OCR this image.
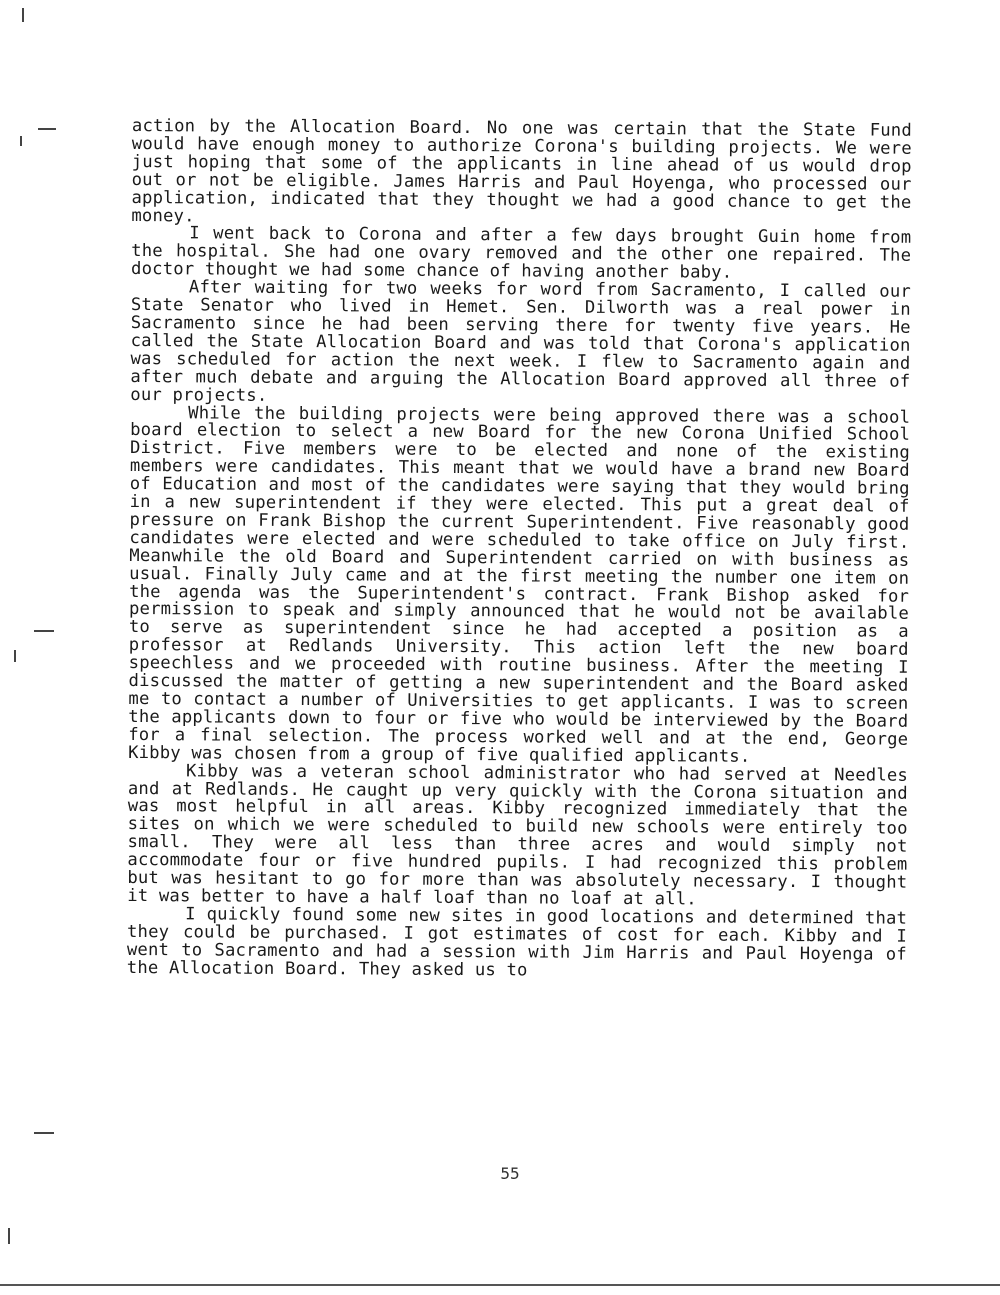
action by the Allocation Board. No one was certain that the State Fund would have enough money to authorize Corona's building projects. We were just hoping that some of the applicants in line ahead of us would drop out or not be eligible. James Harris and Paul Hoyenga, who processed our application, indicated that they thought we had a good chance to get the money.

I went back to Corona and after a few days brought Guin home from the hospital. She had one ovary removed and the other one repaired. The doctor thought we had some chance of having another baby.

After waiting for two weeks for word from Sacramento, I called our State Senator who lived in Hemet. Sen. Dilworth was a real power in Sacramento since he had been serving there for twenty five years. He called the State Allocation Board and was told that Corona's application was scheduled for action the next week. I flew to Sacramento again and after much debate and arguing the Allocation Board approved all three of our projects.

While the building projects were being approved there was a school board election to select a new Board for the new Corona Unified School District. Five members were to be elected and none of the existing members were candidates. This meant that we would have a brand new Board of Education and most of the candidates were saying that they would bring in a new superintendent if they were elected. This put a great deal of pressure on Frank Bishop the current Superintendent. Five reasonably good candidates were elected and were scheduled to take office on July first. Meanwhile the old Board and Superintendent carried on with business as usual. Finally July came and at the first meeting the number one item on the agenda was the Superintendent's contract. Frank Bishop asked for permission to speak and simply announced that he would not be available to serve as superintendent since he had accepted a position as a professor at Redlands University. This action left the new board speechless and we proceeded with routine business. After the meeting I discussed the matter of getting a new superintendent and the Board asked me to contact a number of Universities to get applicants. I was to screen the applicants down to four or five who would be interviewed by the Board for a final selection. The process worked well and at the end, George Kibby was chosen from a group of five qualified applicants.

Kibby was a veteran school administrator who had served at Needles and at Redlands. He caught up very quickly with the Corona situation and was most helpful in all areas. Kibby recognized immediately that the sites on which we were scheduled to build new schools were entirely too small. They were all less than three acres and would simply not accommodate four or five hundred pupils. I had recognized this problem but was hesitant to go for more than was absolutely necessary. I thought it was better to have a half loaf than no loaf at all.

I quickly found some new sites in good locations and determined that they could be purchased. I got estimates of cost for each. Kibby and I went to Sacramento and had a session with Jim Harris and Paul Hoyenga of the Allocation Board. They asked us to

55
